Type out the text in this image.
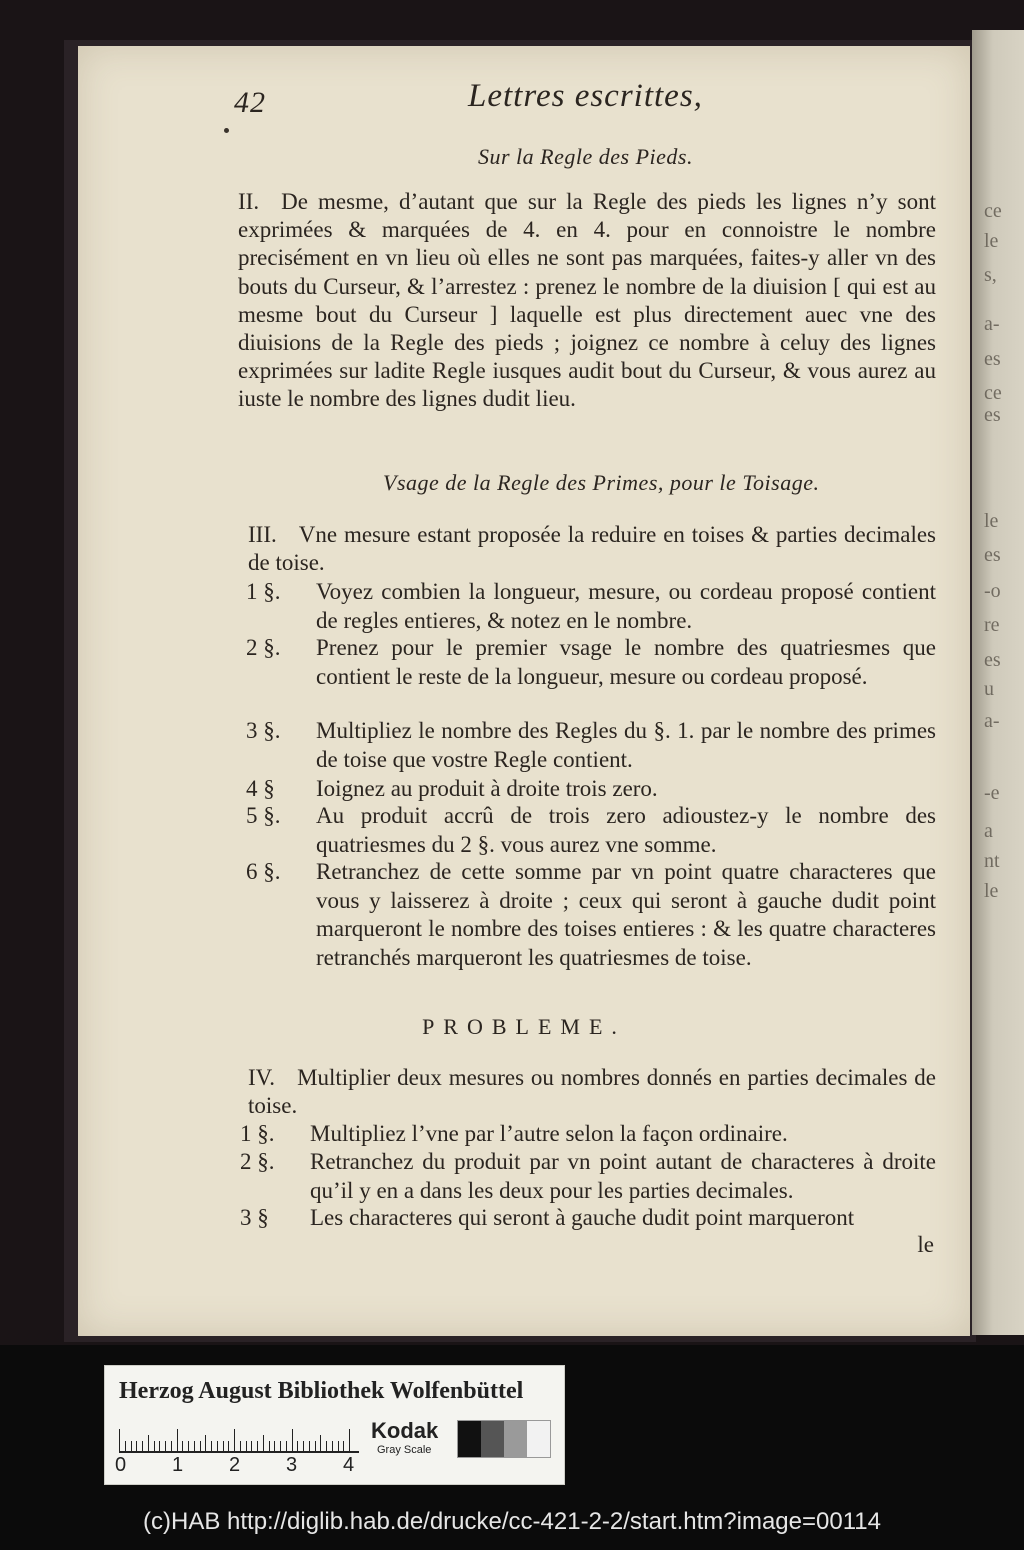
ce
le
s,
a-
es
ce
es
le
es
-o
re
es
u
a-
-e
a
nt
le
42	Lettres escrittes,
Sur la Regle des Pieds.
II. De mesme, d’autant que sur la Regle des pieds les lignes n’y sont exprimées & marquées de 4. en 4. pour en connoistre le nombre precisément en vn lieu où elles ne sont pas marquées, faites-y aller vn des bouts du Curseur, & l’arrestez : prenez le nombre de la diuision [ qui est au mesme bout du Curseur ] laquelle est plus directement auec vne des diuisions de la Regle des pieds ; joignez ce nombre à celuy des lignes exprimées sur ladite Regle iusques audit bout du Curseur, & vous aurez au iuste le nombre des lignes dudit lieu.
Vsage de la Regle des Primes, pour le Toisage.
III. Vne mesure estant proposée la reduire en toises & parties decimales de toise.
1 §.	Voyez combien la longueur, mesure, ou cordeau proposé contient de regles entieres, & notez en le nombre.
2 §.	Prenez pour le premier vsage le nombre des quatriesmes que contient le reste de la longueur, mesure ou cordeau proposé.
3 §.	Multipliez le nombre des Regles du §. 1. par le nombre des primes de toise que vostre Regle contient.
4 §	Ioignez au produit à droite trois zero.
5 §.	Au produit accrû de trois zero adioustez-y le nombre des quatriesmes du 2 §. vous aurez vne somme.
6 §.	Retranchez de cette somme par vn point quatre characteres que vous y laisserez à droite ; ceux qui seront à gauche dudit point marqueront le nombre des toises entieres : & les quatre characteres retranchés marqueront les quatriesmes de toise.
PROBLEME.
IV. Multiplier deux mesures ou nombres donnés en parties decimales de toise.
1 §.	Multipliez l’vne par l’autre selon la façon ordinaire.
2 §.	Retranchez du produit par vn point autant de characteres à droite qu’il y en a dans les deux pour les parties decimales.
3 §	Les characteres qui seront à gauche dudit point marqueront
le
Herzog August Bibliothek Wolfenbüttel
0 1 2 3 4
Kodak
Gray Scale
(c)HAB http://diglib.hab.de/drucke/cc-421-2-2/start.htm?image=00114
